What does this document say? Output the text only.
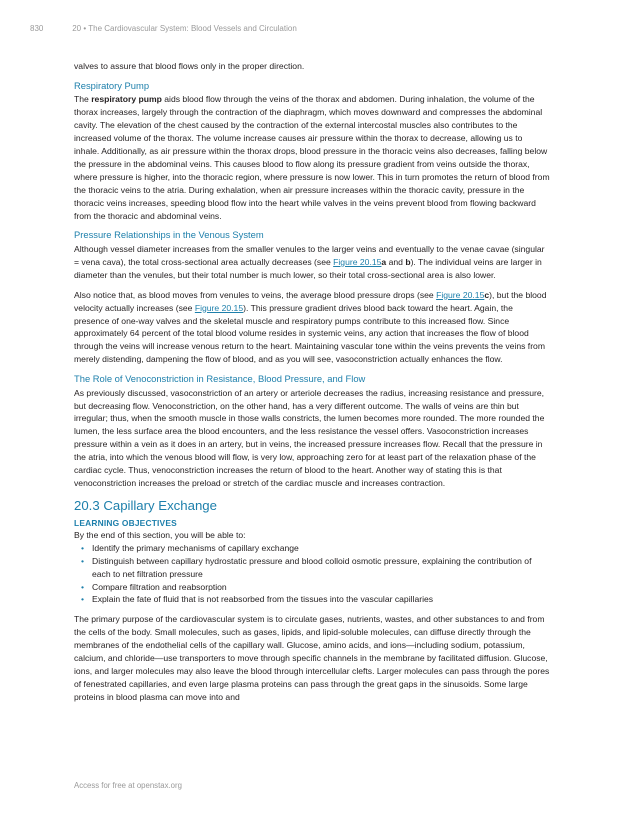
830	20 • The Cardiovascular System: Blood Vessels and Circulation

valves to assure that blood flows only in the proper direction.

Respiratory Pump

The respiratory pump aids blood flow through the veins of the thorax and abdomen. During inhalation, the volume of the thorax increases, largely through the contraction of the diaphragm, which moves downward and compresses the abdominal cavity. The elevation of the chest caused by the contraction of the external intercostal muscles also contributes to the increased volume of the thorax. The volume increase causes air pressure within the thorax to decrease, allowing us to inhale. Additionally, as air pressure within the thorax drops, blood pressure in the thoracic veins also decreases, falling below the pressure in the abdominal veins. This causes blood to flow along its pressure gradient from veins outside the thorax, where pressure is higher, into the thoracic region, where pressure is now lower. This in turn promotes the return of blood from the thoracic veins to the atria. During exhalation, when air pressure increases within the thoracic cavity, pressure in the thoracic veins increases, speeding blood flow into the heart while valves in the veins prevent blood from flowing backward from the thoracic and abdominal veins.

Pressure Relationships in the Venous System

Although vessel diameter increases from the smaller venules to the larger veins and eventually to the venae cavae (singular = vena cava), the total cross-sectional area actually decreases (see Figure 20.15a and b). The individual veins are larger in diameter than the venules, but their total number is much lower, so their total cross-sectional area is also lower.

Also notice that, as blood moves from venules to veins, the average blood pressure drops (see Figure 20.15c), but the blood velocity actually increases (see Figure 20.15). This pressure gradient drives blood back toward the heart. Again, the presence of one-way valves and the skeletal muscle and respiratory pumps contribute to this increased flow. Since approximately 64 percent of the total blood volume resides in systemic veins, any action that increases the flow of blood through the veins will increase venous return to the heart. Maintaining vascular tone within the veins prevents the veins from merely distending, dampening the flow of blood, and as you will see, vasoconstriction actually enhances the flow.

The Role of Venoconstriction in Resistance, Blood Pressure, and Flow

As previously discussed, vasoconstriction of an artery or arteriole decreases the radius, increasing resistance and pressure, but decreasing flow. Venoconstriction, on the other hand, has a very different outcome. The walls of veins are thin but irregular; thus, when the smooth muscle in those walls constricts, the lumen becomes more rounded. The more rounded the lumen, the less surface area the blood encounters, and the less resistance the vessel offers. Vasoconstriction increases pressure within a vein as it does in an artery, but in veins, the increased pressure increases flow. Recall that the pressure in the atria, into which the venous blood will flow, is very low, approaching zero for at least part of the relaxation phase of the cardiac cycle. Thus, venoconstriction increases the return of blood to the heart. Another way of stating this is that venoconstriction increases the preload or stretch of the cardiac muscle and increases contraction.

20.3 Capillary Exchange
LEARNING OBJECTIVES
By the end of this section, you will be able to:
• Identify the primary mechanisms of capillary exchange
• Distinguish between capillary hydrostatic pressure and blood colloid osmotic pressure, explaining the contribution of each to net filtration pressure
• Compare filtration and reabsorption
• Explain the fate of fluid that is not reabsorbed from the tissues into the vascular capillaries

The primary purpose of the cardiovascular system is to circulate gases, nutrients, wastes, and other substances to and from the cells of the body. Small molecules, such as gases, lipids, and lipid-soluble molecules, can diffuse directly through the membranes of the endothelial cells of the capillary wall. Glucose, amino acids, and ions—including sodium, potassium, calcium, and chloride—use transporters to move through specific channels in the membrane by facilitated diffusion. Glucose, ions, and larger molecules may also leave the blood through intercellular clefts. Larger molecules can pass through the pores of fenestrated capillaries, and even large plasma proteins can pass through the great gaps in the sinusoids. Some large proteins in blood plasma can move into and

Access for free at openstax.org
